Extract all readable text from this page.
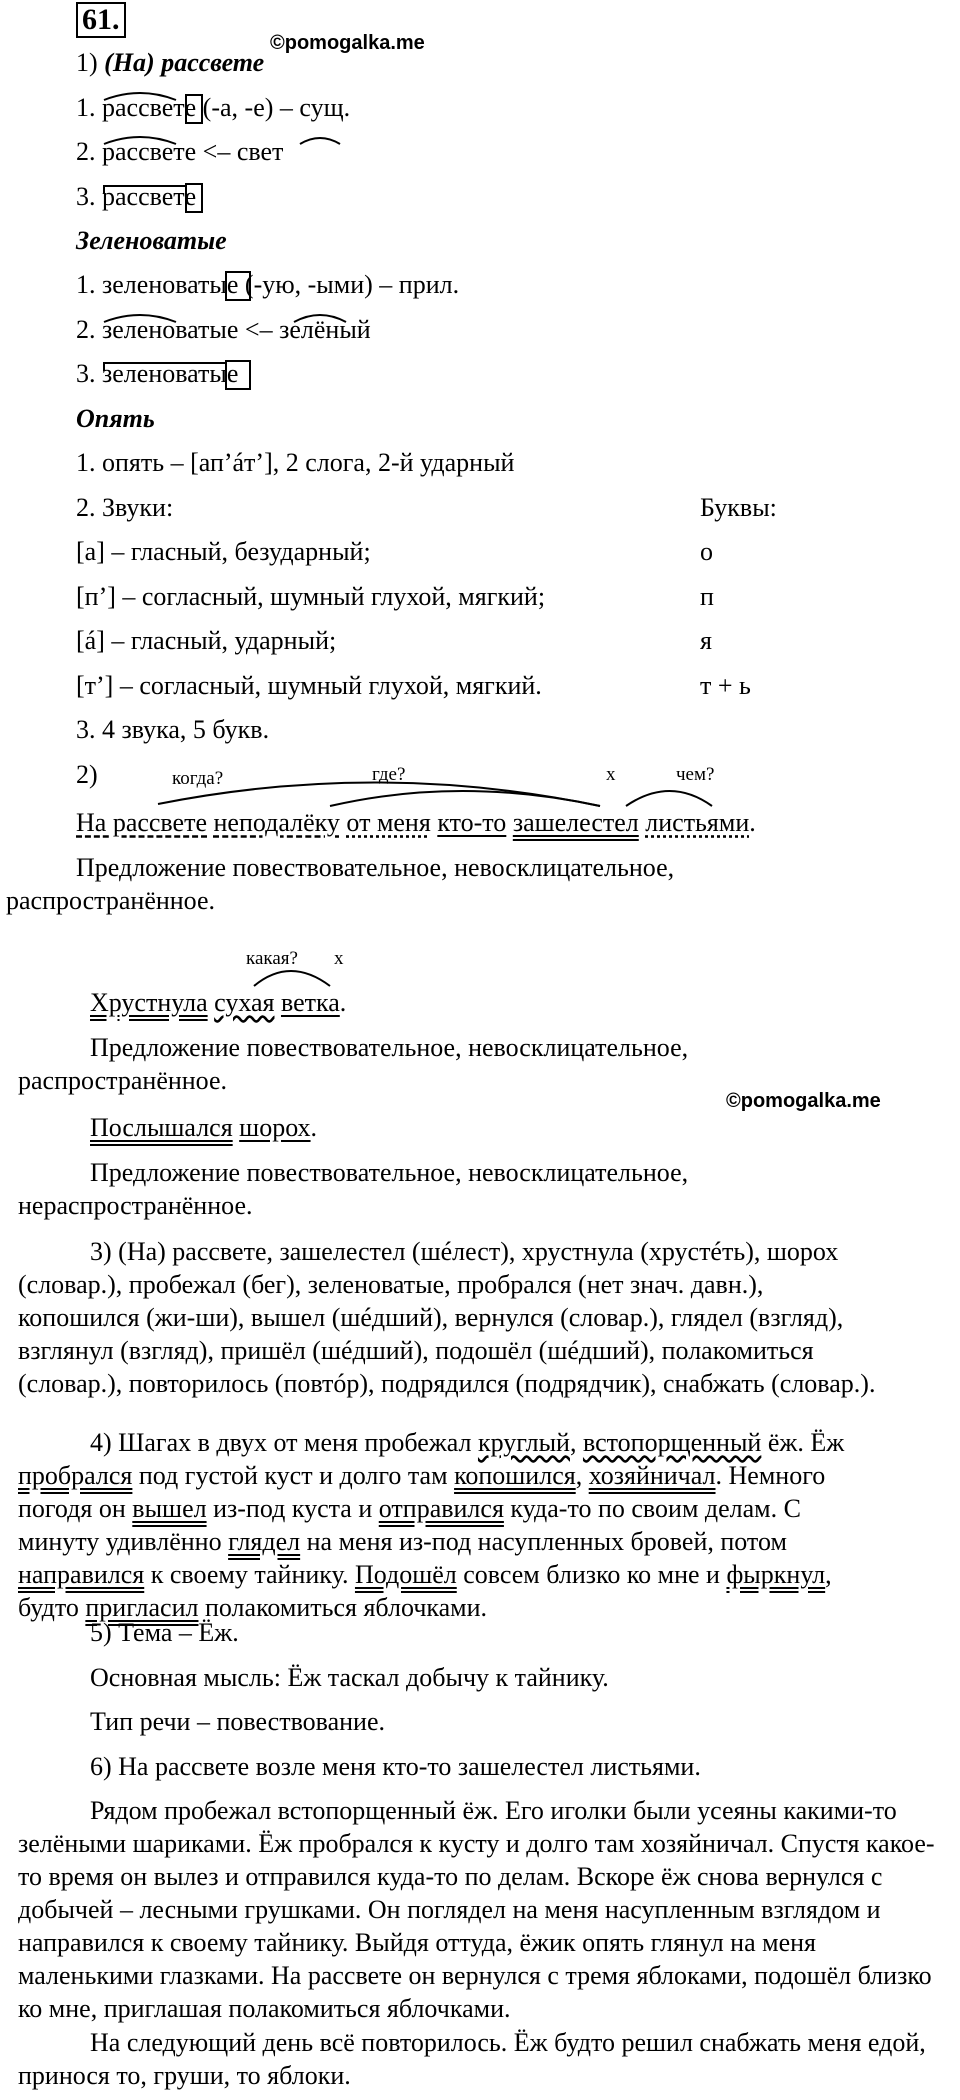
61.
©pomogalka.me
1) (На) рассвете
1. рассвете (-а, -е) – сущ.
2. рассвете <– свет
3. рассвете
Зеленоватые
1. зеленоватые (-ую, -ыми) – прил.
2. зеленоватые <– зелёный
3. зеленоватые
Опять
1. опять – [ап’áт’], 2 слога, 2-й ударный
2. Звуки:	Буквы:
[а] – гласный, безударный;	о
[п’] – согласный, шумный глухой, мягкий;	п
[á] – гласный, ударный;	я
[т’] – согласный, шумный глухой, мягкий.	т + ь
3. 4 звука, 5 букв.
2)	когда?	где?	х	чем?
На рассвете неподалёку от меня кто-то зашелестел листьями.
Предложение повествовательное, невосклицательное,
распространённое.
какая? х
Хрустнула сухая ветка.
Предложение повествовательное, невосклицательное,
распространённое.
©pomogalka.me
Послышался шорох.
Предложение повествовательное, невосклицательное,
нераспространённое.
3) (На) рассвете, зашелестел (шéлест), хрустнула (хрустéть), шорох
(словар.), пробежал (бег), зеленоватые, пробрался (нет знач. давн.),
копошился (жи-ши), вышел (шéдший), вернулся (словар.), глядел (взгляд),
взглянул (взгляд), пришёл (шéдший), подошёл (шéдший), полакомиться
(словар.), повторилось (повтóр), подрядился (подрядчик), снабжать (словар.).
4) Шагах в двух от меня пробежал круглый, встопорщенный ёж. Ёж
пробрался под густой куст и долго там копошился, хозяйничал. Немного
погодя он вышел из-под куста и отправился куда-то по своим делам. С
минуту удивлённо глядел на меня из-под насупленных бровей, потом
направился к своему тайнику. Подошёл совсем близко ко мне и фыркнул,
будто пригласил полакомиться яблочками.
5) Тема – Ёж.
Основная мысль: Ёж таскал добычу к тайнику.
Тип речи – повествование.
6) На рассвете возле меня кто-то зашелестел листьями.
Рядом пробежал встопорщенный ёж. Его иголки были усеяны какими-то зелёными шариками. Ёж пробрался к кусту и долго там хозяйничал. Спустя какое-то время он вылез и отправился куда-то по делам. Вскоре ёж снова вернулся с добычей – лесными грушками. Он поглядел на меня насупленным взглядом и направился к своему тайнику. Выйдя оттуда, ёжик опять глянул на меня маленькими глазками. На рассвете он вернулся с тремя яблоками, подошёл близко ко мне, приглашая полакомиться яблочками.
На следующий день всё повторилось. Ёж будто решил снабжать меня едой, принося то, груши, то яблоки.
